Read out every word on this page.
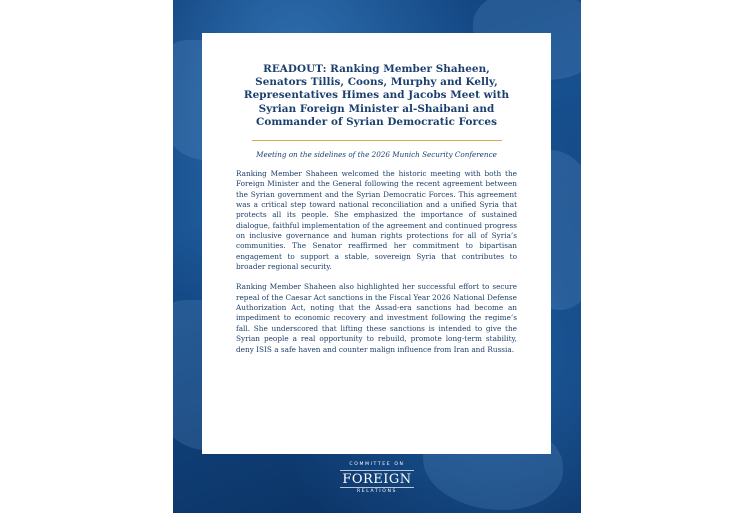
READOUT: Ranking Member Shaheen, Senators Tillis, Coons, Murphy and Kelly, Representatives Himes and Jacobs Meet with Syrian Foreign Minister al-Shaibani and Commander of Syrian Democratic Forces

Meeting on the sidelines of the 2026 Munich Security Conference

Ranking Member Shaheen welcomed the historic meeting with both the Foreign Minister and the General following the recent agreement between the Syrian government and the Syrian Democratic Forces. This agreement was a critical step toward national reconciliation and a unified Syria that protects all its people. She emphasized the importance of sustained dialogue, faithful implementation of the agreement and continued progress on inclusive governance and human rights protections for all of Syria’s communities. The Senator reaffirmed her commitment to bipartisan engagement to support a stable, sovereign Syria that contributes to broader regional security.

Ranking Member Shaheen also highlighted her successful effort to secure repeal of the Caesar Act sanctions in the Fiscal Year 2026 National Defense Authorization Act, noting that the Assad-era sanctions had become an impediment to economic recovery and investment following the regime’s fall. She underscored that lifting these sanctions is intended to give the Syrian people a real opportunity to rebuild, promote long-term stability, deny ISIS a safe haven and counter malign influence from Iran and Russia.

COMMITTEE ON
FOREIGN
RELATIONS
